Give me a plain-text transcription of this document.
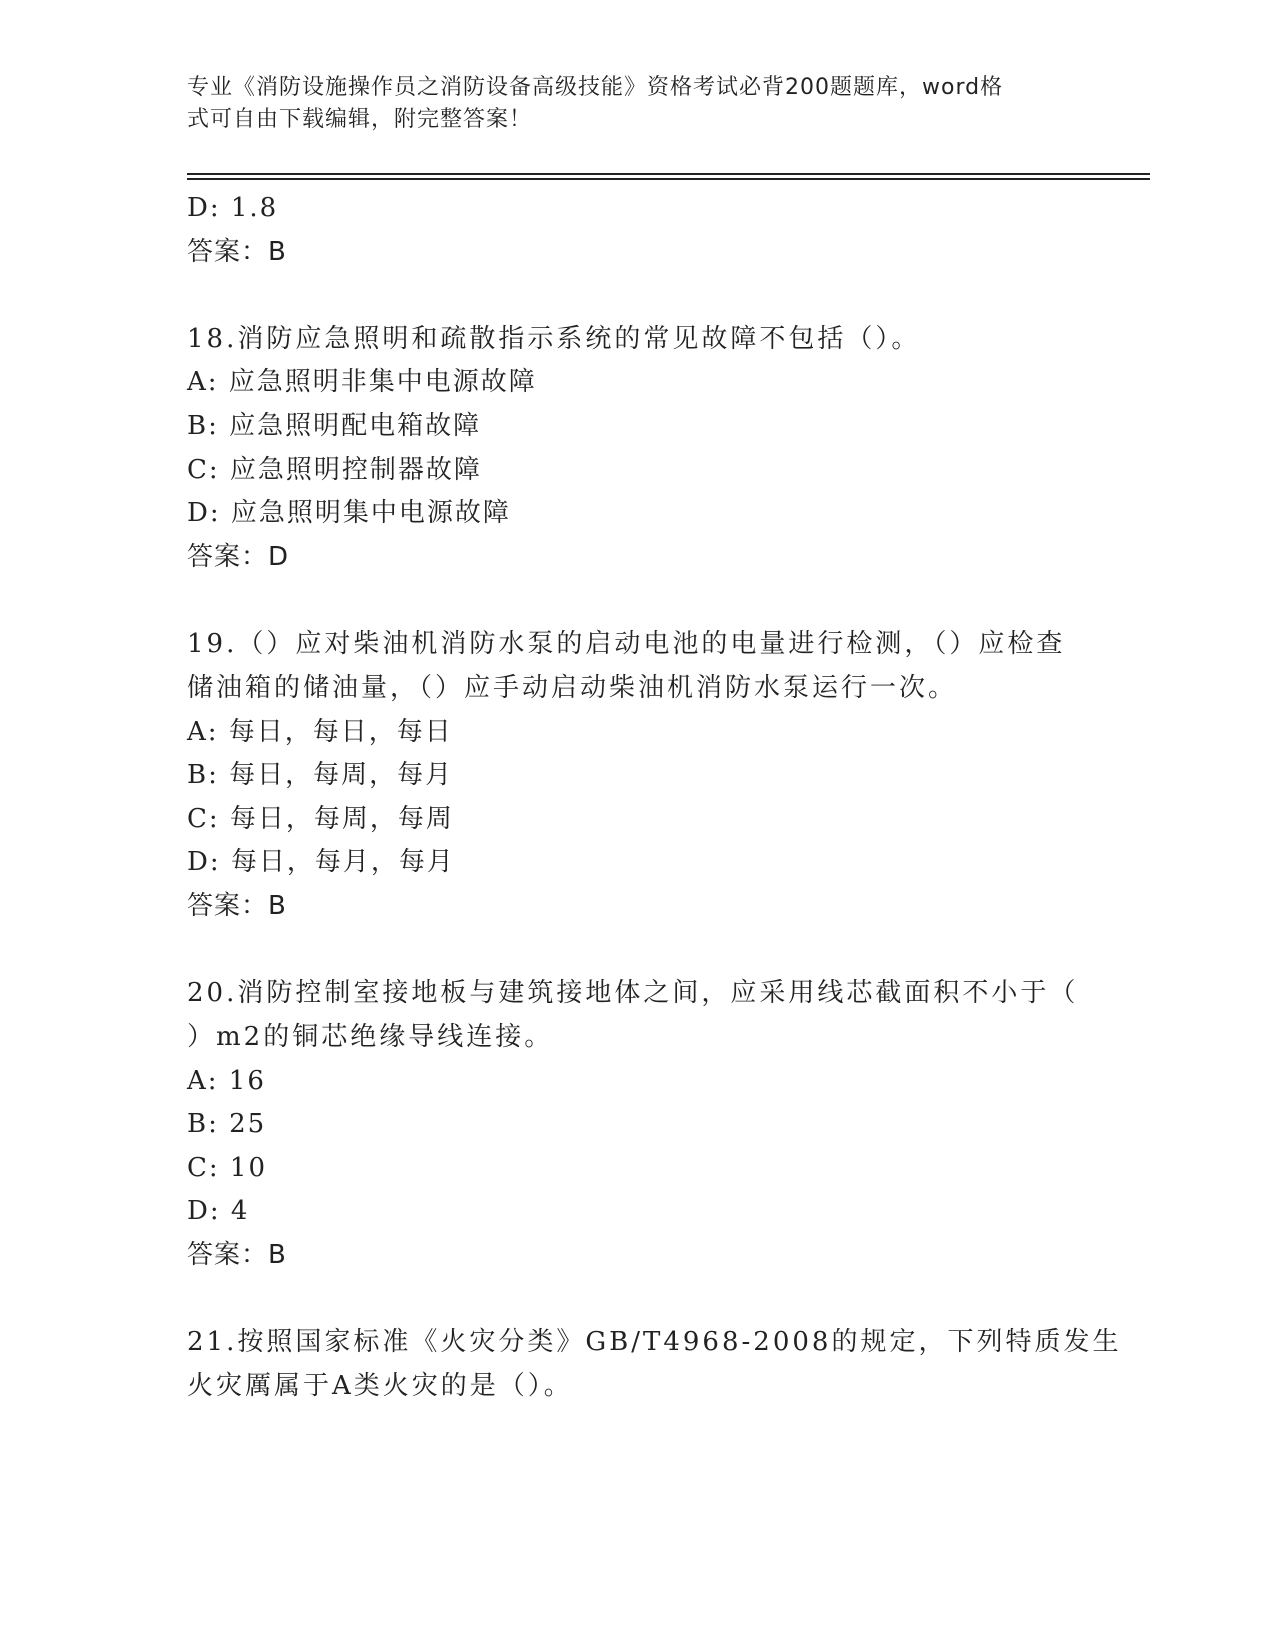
专业《消防设施操作员之消防设备高级技能》资格考试必背200题题库，word格
式可自由下载编辑，附完整答案！
D: 1.8
答案：B
18.消防应急照明和疏散指示系统的常见故障不包括（）。
A: 应急照明非集中电源故障
B: 应急照明配电箱故障
C: 应急照明控制器故障
D: 应急照明集中电源故障
答案：D
19.（）应对柴油机消防水泵的启动电池的电量进行检测，（）应检查
储油箱的储油量，（）应手动启动柴油机消防水泵运行一次。
A: 每日，每日，每日
B: 每日，每周，每月
C: 每日，每周，每周
D: 每日，每月，每月
答案：B
20.消防控制室接地板与建筑接地体之间，应采用线芯截面积不小于（
）m2的铜芯绝缘导线连接。
A: 16
B: 25
C: 10
D: 4
答案：B
21.按照国家标准《火灾分类》GB/T4968-2008的规定，下列特质发生
火灾厲属于A类火灾的是（）。
